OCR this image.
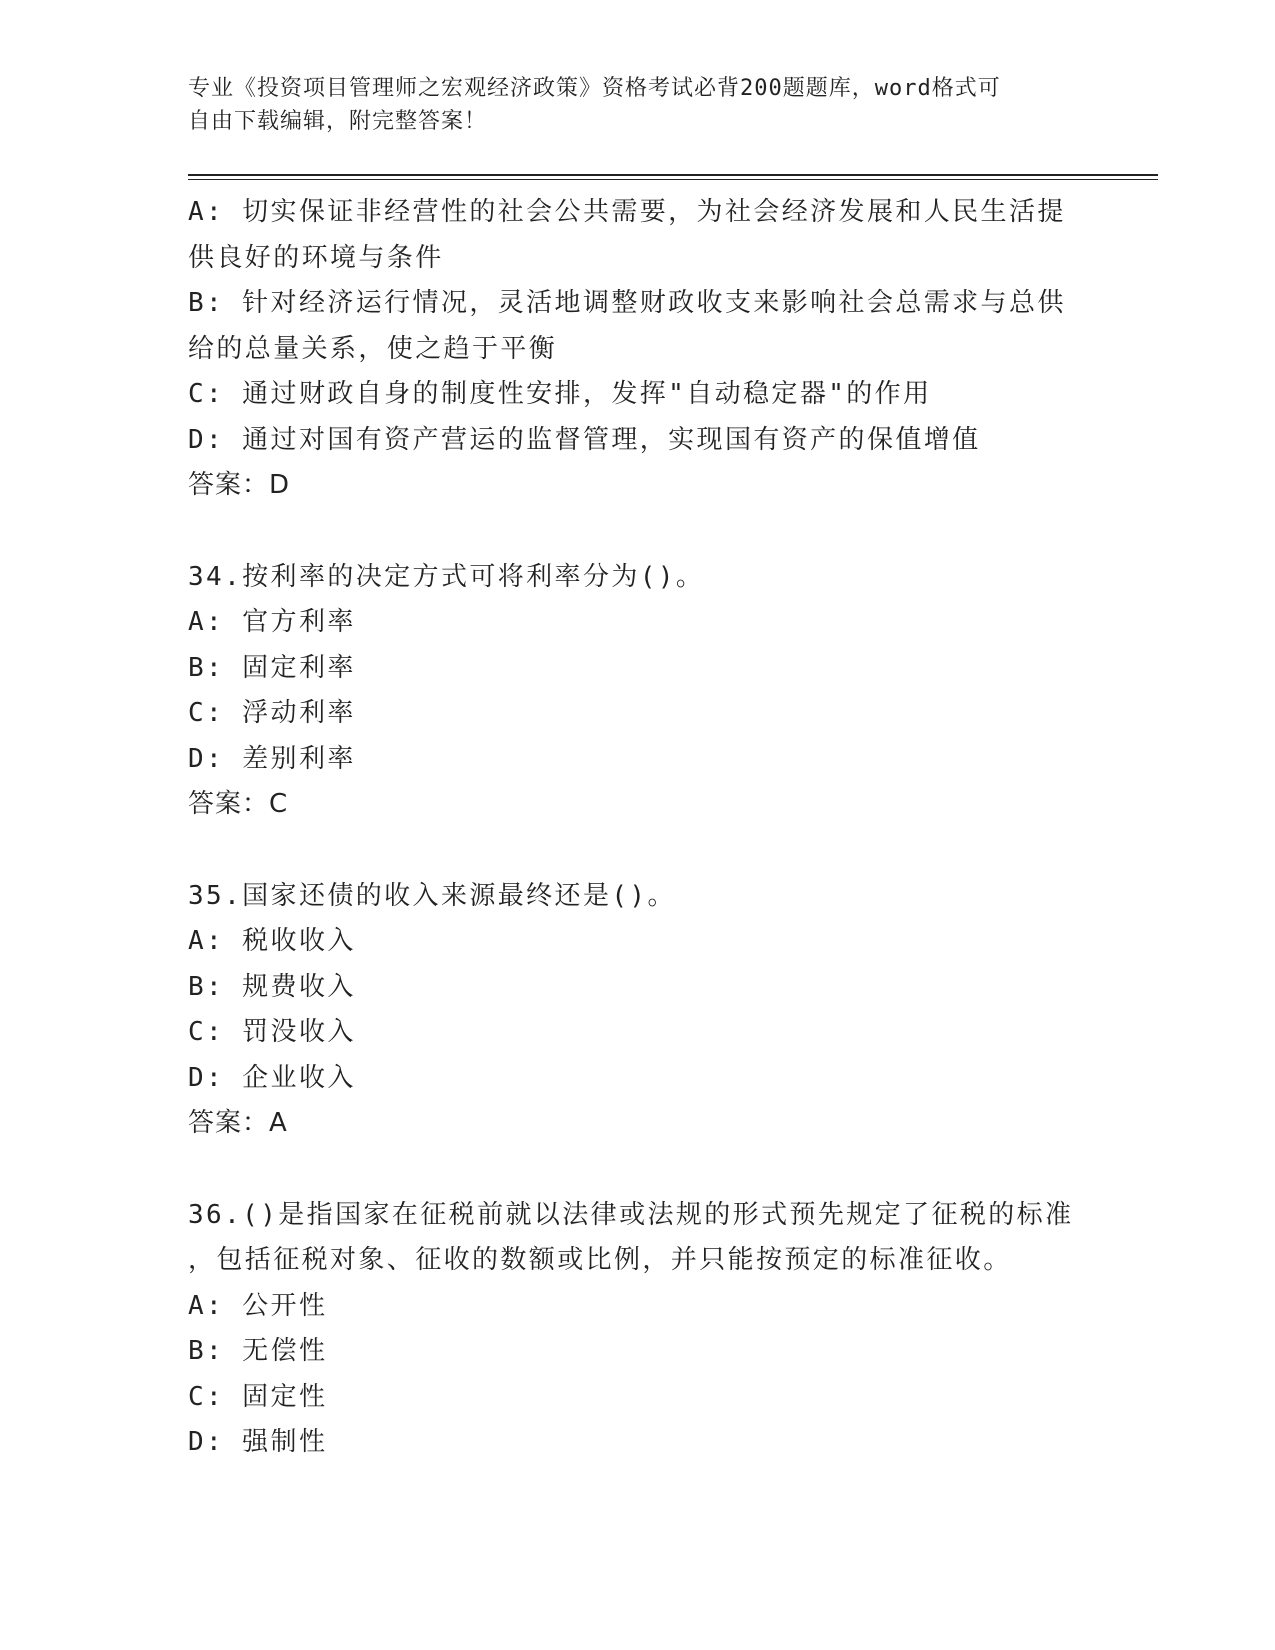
专业《投资项目管理师之宏观经济政策》资格考试必背200题题库，word格式可
自由下载编辑，附完整答案！
A: 切实保证非经营性的社会公共需要，为社会经济发展和人民生活提
供良好的环境与条件
B: 针对经济运行情况，灵活地调整财政收支来影响社会总需求与总供
给的总量关系，使之趋于平衡
C: 通过财政自身的制度性安排，发挥"自动稳定器"的作用
D: 通过对国有资产营运的监督管理，实现国有资产的保值增值
答案：D
34.按利率的决定方式可将利率分为()。
A: 官方利率
B: 固定利率
C: 浮动利率
D: 差别利率
答案：C
35.国家还债的收入来源最终还是()。
A: 税收收入
B: 规费收入
C: 罚没收入
D: 企业收入
答案：A
36.()是指国家在征税前就以法律或法规的形式预先规定了征税的标准
，包括征税对象、征收的数额或比例，并只能按预定的标准征收。
A: 公开性
B: 无偿性
C: 固定性
D: 强制性
